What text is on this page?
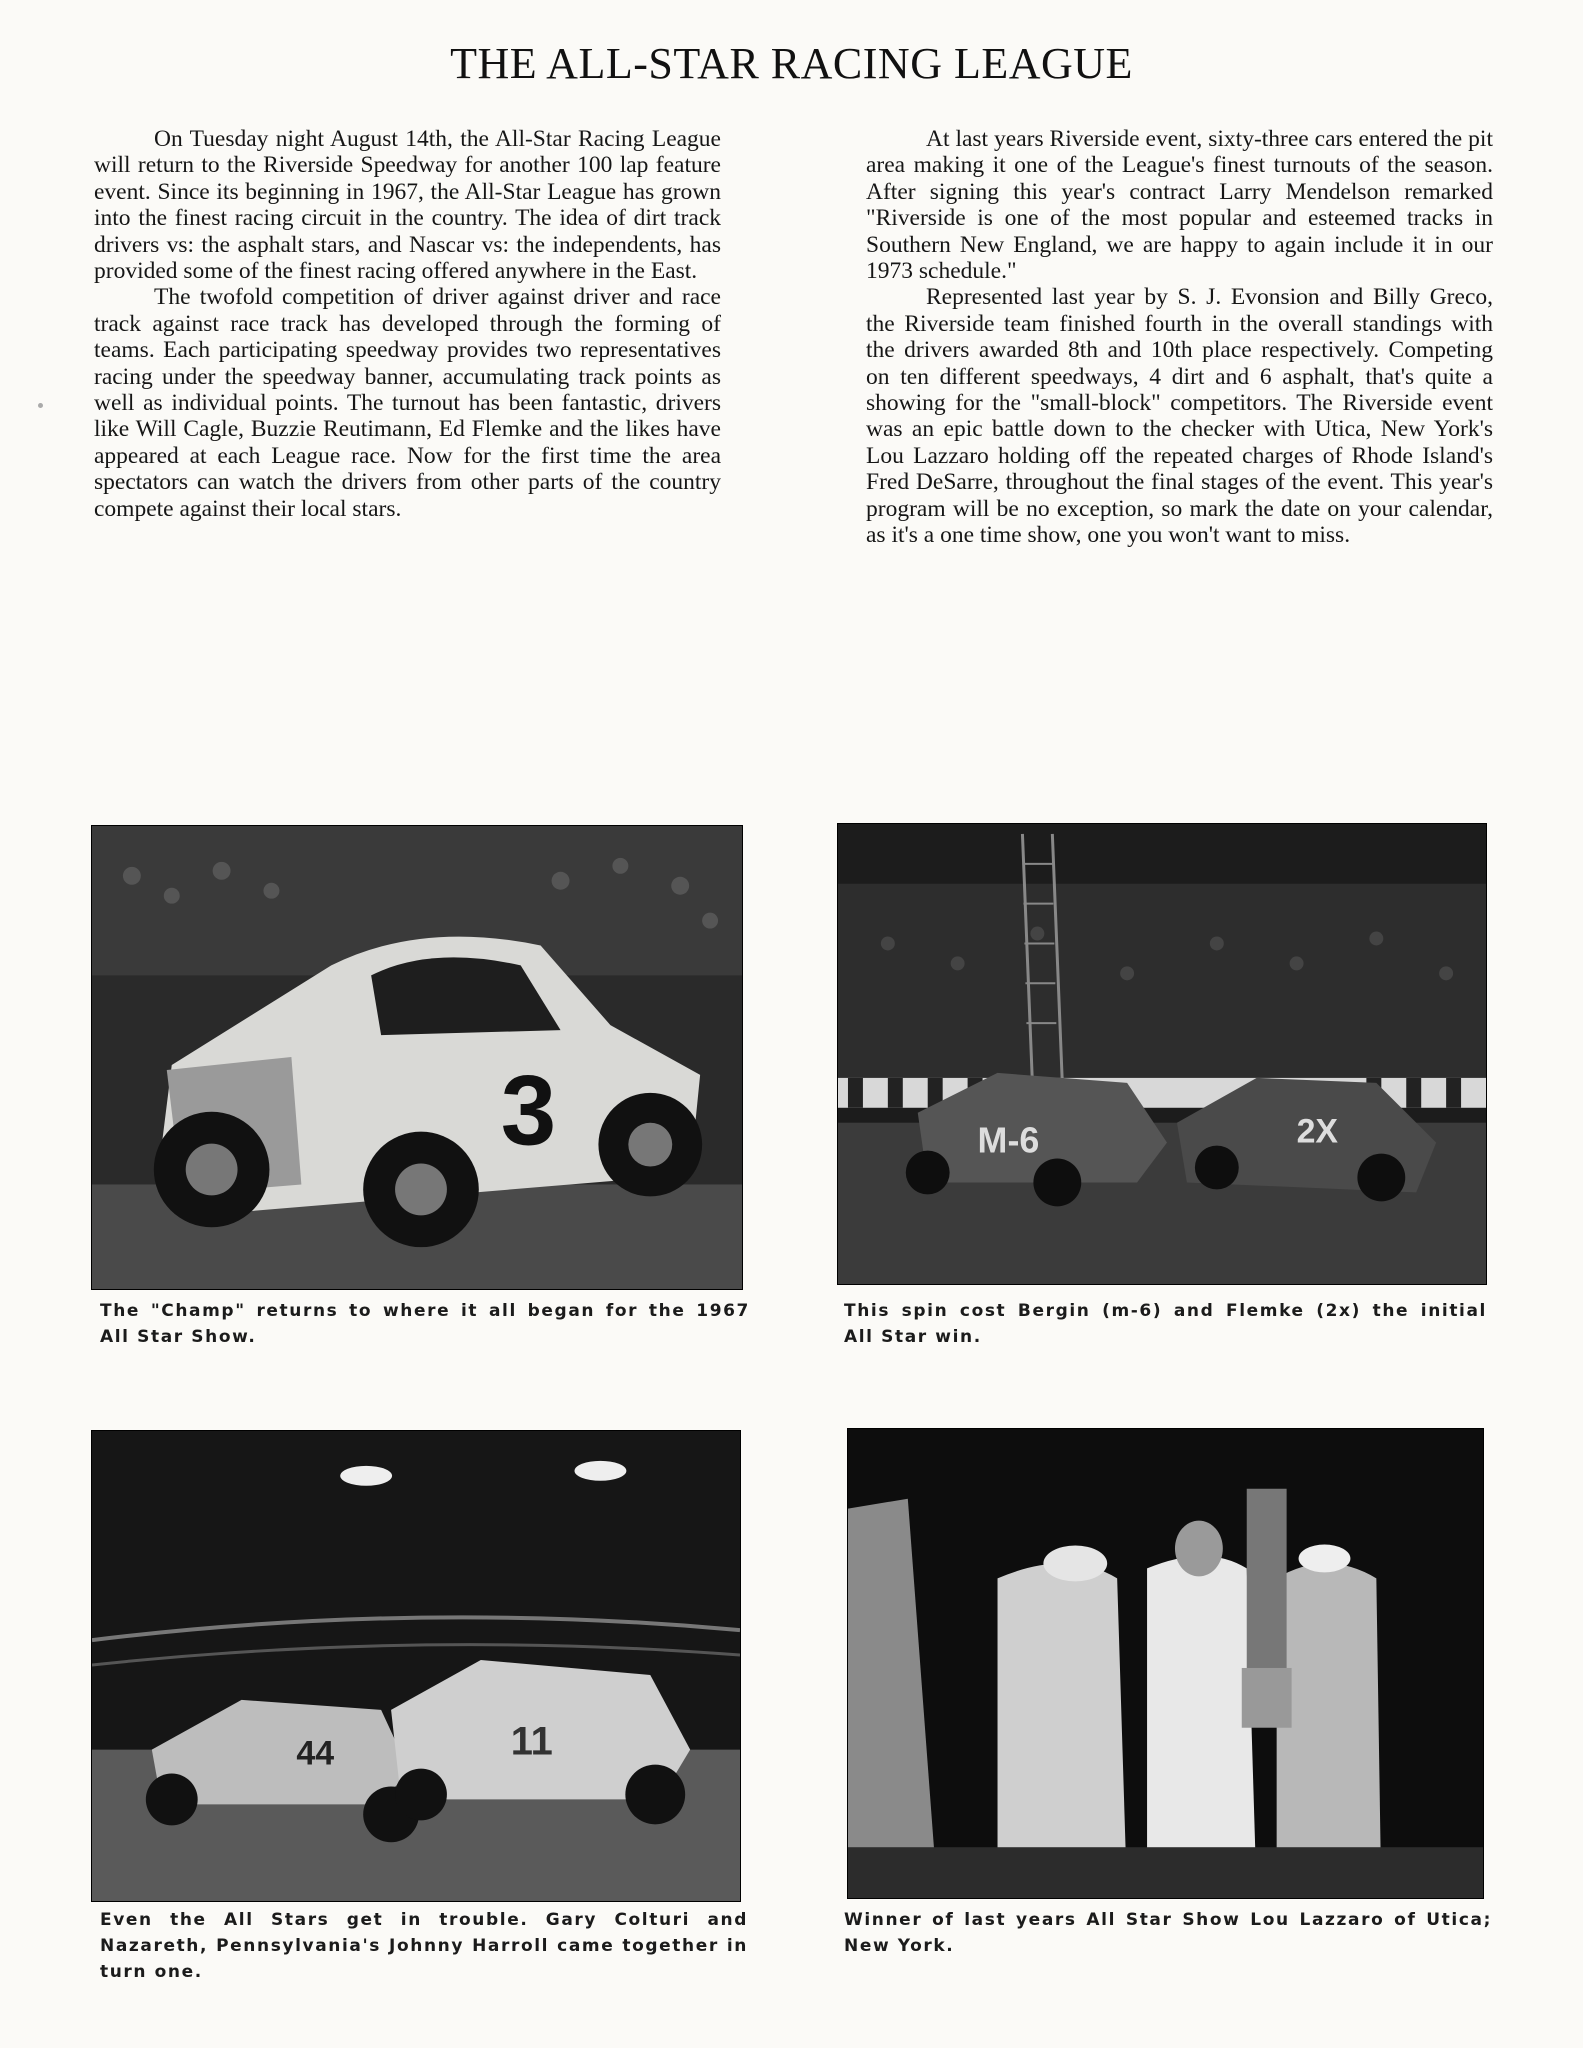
THE ALL-STAR RACING LEAGUE

On Tuesday night August 14th, the All-Star Racing League will return to the Riverside Speedway for another 100 lap feature event. Since its beginning in 1967, the All-Star League has grown into the finest racing circuit in the country. The idea of dirt track drivers vs: the asphalt stars, and Nascar vs: the independents, has provided some of the finest racing offered anywhere in the East.

The twofold competition of driver against driver and race track against race track has developed through the forming of teams. Each participating speedway provides two representatives racing under the speedway banner, accumulating track points as well as individual points. The turnout has been fantastic, drivers like Will Cagle, Buzzie Reutimann, Ed Flemke and the likes have appeared at each League race. Now for the first time the area spectators can watch the drivers from other parts of the country compete against their local stars.

At last years Riverside event, sixty-three cars entered the pit area making it one of the League's finest turnouts of the season. After signing this year's contract Larry Mendelson remarked "Riverside is one of the most popular and esteemed tracks in Southern New England, we are happy to again include it in our 1973 schedule."

Represented last year by S. J. Evonsion and Billy Greco, the Riverside team finished fourth in the overall standings with the drivers awarded 8th and 10th place respectively. Competing on ten different speedways, 4 dirt and 6 asphalt, that's quite a showing for the "small-block" competitors. The Riverside event was an epic battle down to the checker with Utica, New York's Lou Lazzaro holding off the repeated charges of Rhode Island's Fred DeSarre, throughout the final stages of the event. This year's program will be no exception, so mark the date on your calendar, as it's a one time show, one you won't want to miss.

3
The "Champ" returns to where it all began for the 1967 All Star Show.
M-6	2X
This spin cost Bergin (m-6) and Flemke (2x) the initial All Star win.
44	11
Even the All Stars get in trouble. Gary Colturi and Nazareth, Pennsylvania's Johnny Harroll came together in turn one.
Winner of last years All Star Show Lou Lazzaro of Utica; New York.
